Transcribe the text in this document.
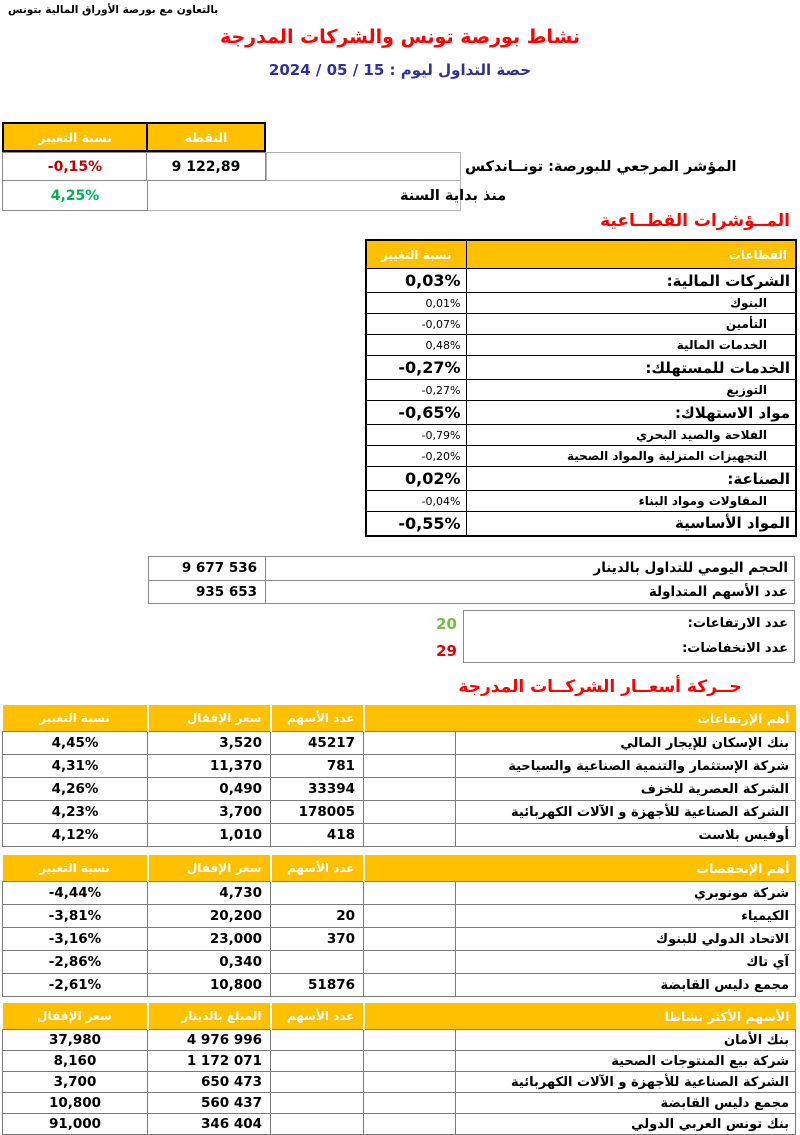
بالتعاون مع بورصة الأوراق المالية بتونس
نشاط بورصة تونس والشركات المدرجة
حصة التداول ليوم : 15 / 05 / 2024
نسبة التغيير	النقطة
-0,15%	9 122,89	المؤشر المرجعي للبورصة: تونــاندكس
4,25%	منذ بداية السنة
المــؤشرات القطــاعية
نسبة التغيير	القطاعات
0,03%	الشركات المالية:
0,01%	البنوك
-0,07%	التأمين
0,48%	الخدمات المالية
-0,27%	الخدمات للمستهلك:
-0,27%	التوزيع
-0,65%	مواد الاستهلاك:
-0,79%	الفلاحة والصيد البحري
-0,20%	التجهيزات المنزلية والمواد الصحية
0,02%	الصناعة:
-0,04%	المقاولات ومواد البناء
-0,55%	المواد الأساسية
9 677 536	الحجم اليومي للتداول بالدينار
935 653	عدد الأسهم المتداولة
20	عدد الارتفاعات:
29	عدد الانخفاضات:
حــركة أسعــار الشركــات المدرجة
نسبة التغيير	سعر الإقفال	عدد الأسهم	أهم الإرتفاعات	
4,45%	3,520	45217		بنك الإسكان للإيجار المالي
4,31%	11,370	781		شركة الإستثمار والتنمية الصناعية والسياحية
4,26%	0,490	33394		الشركة العصرية للخزف
4,23%	3,700	178005		الشركة الصناعية للأجهزة و الآلات الكهربائية
4,12%	1,010	418		أوفيس بلاست
نسبة التغيير	سعر الإقفال	عدد الأسهم	أهم الإنخفضات	
-4,44%	4,730			شركة مونوبري
-3,81%	20,200	20		الكيمياء
-3,16%	23,000	370		الاتحاد الدولي للبنوك
-2,86%	0,340			آي تاك
-2,61%	10,800	51876		مجمع دليس القابضة
سعر الإقفال	المبلغ بالدينار	عدد الأسهم	الأسهم الأكثر نشاطا	
37,980	4 976 996			بنك الأمان
8,160	1 172 071			شركة بيع المنتوجات الصحية
3,700	650 473			الشركة الصناعية للأجهزة و الآلات الكهربائية
10,800	560 437			مجمع دليس القابضة
91,000	346 404			بنك تونس العربي الدولي
